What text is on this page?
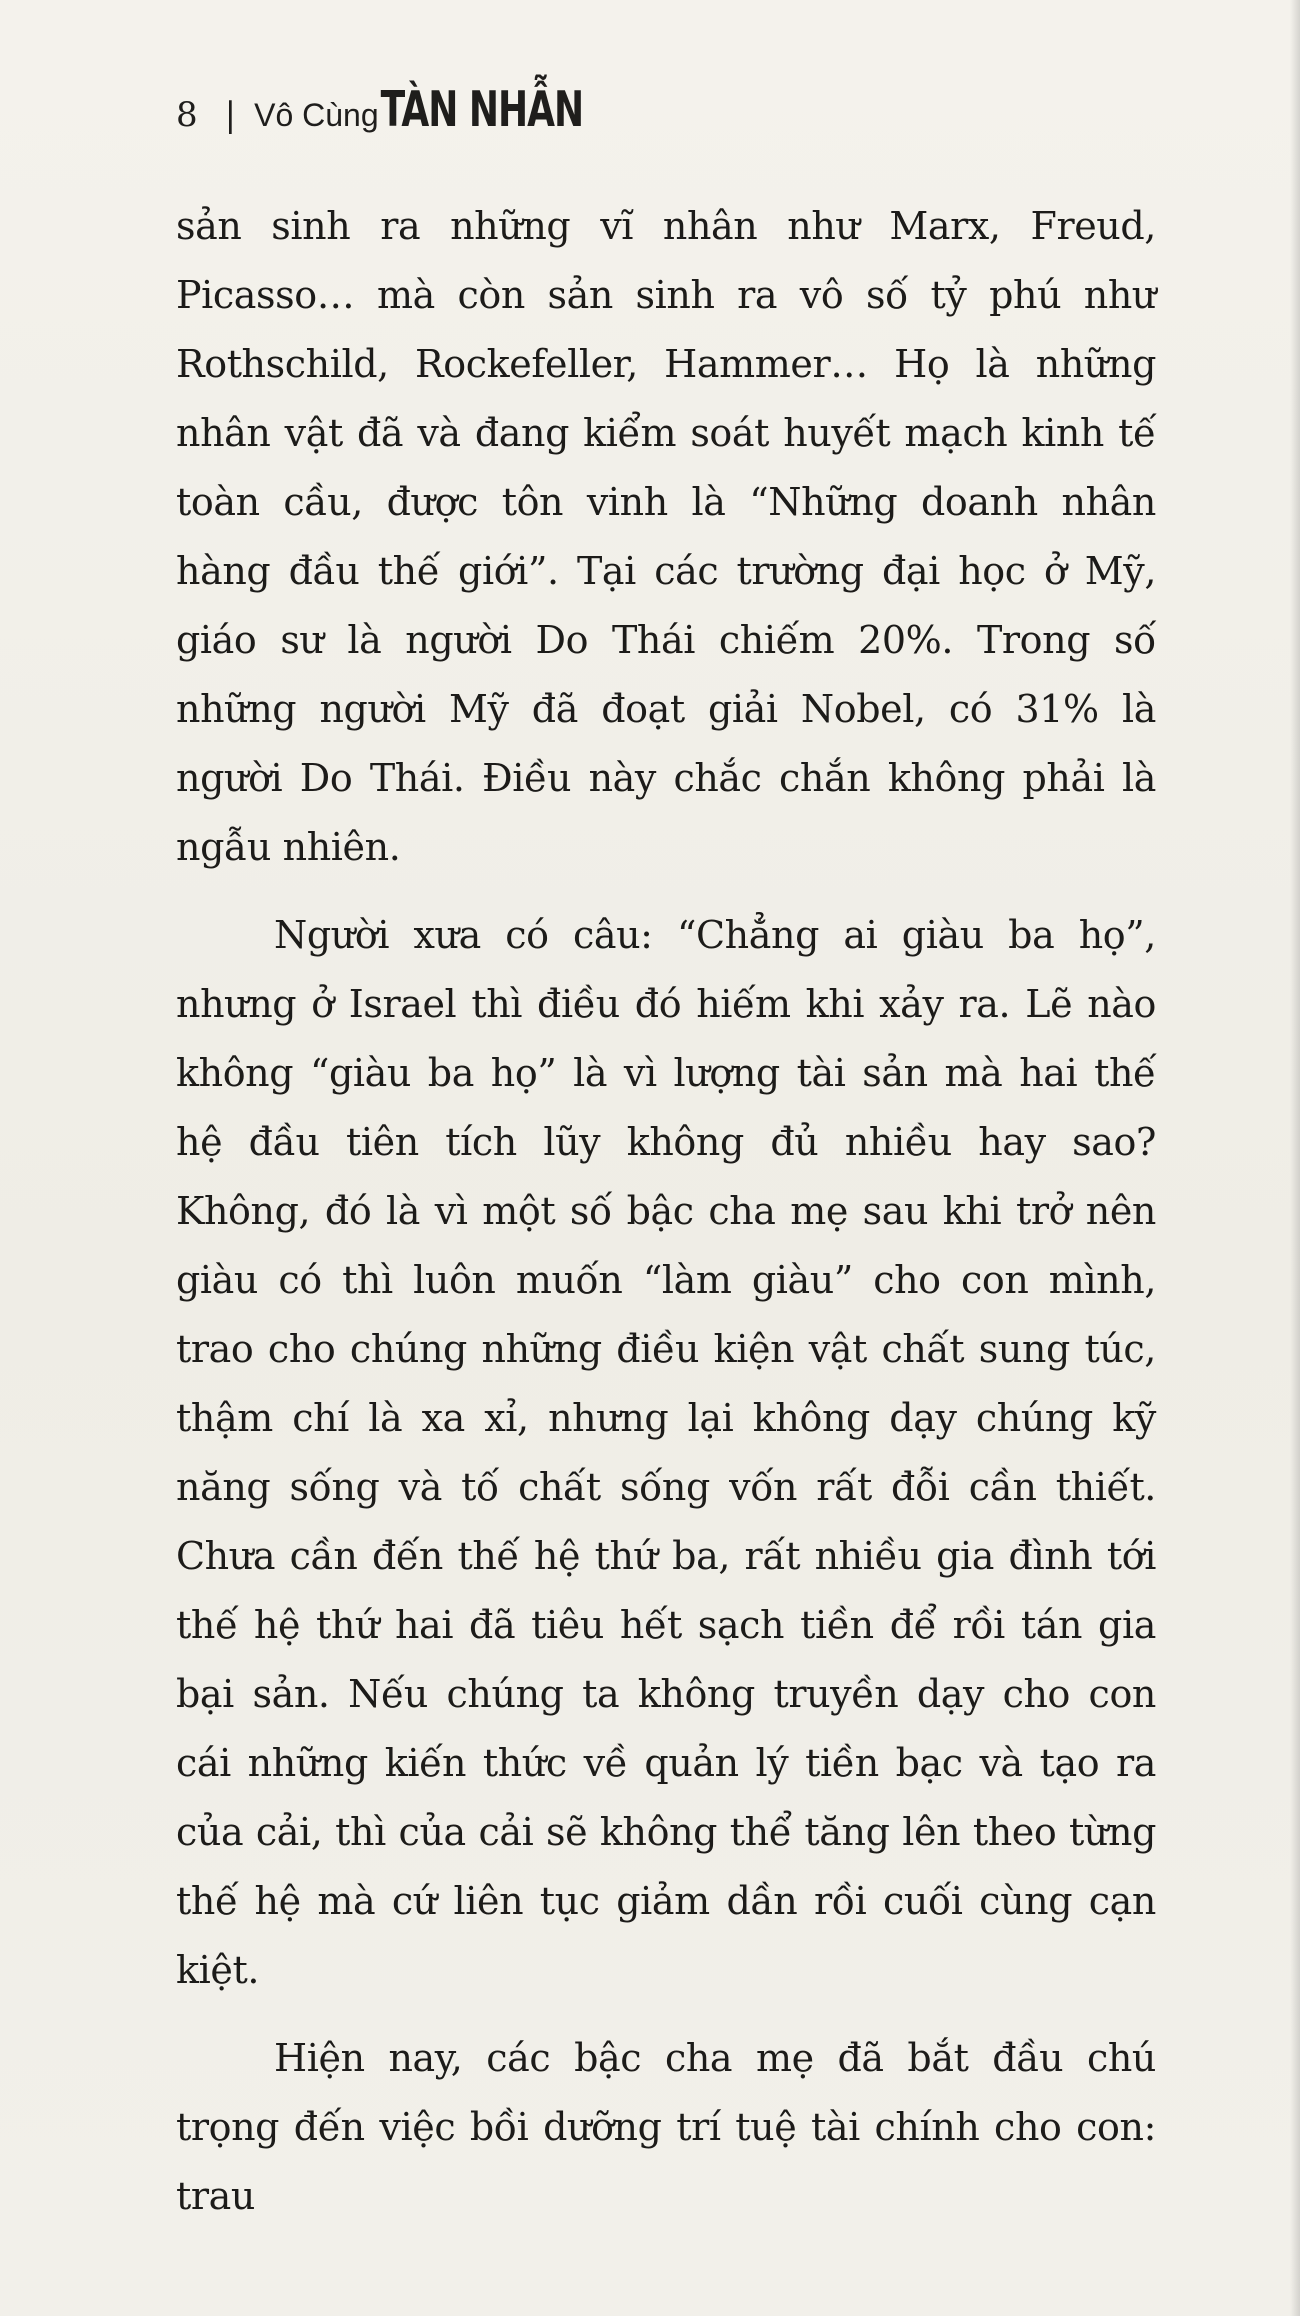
8 | Vô Cùng TÀN NHẪN

sản sinh ra những vĩ nhân như Marx, Freud, Picasso… mà còn sản sinh ra vô số tỷ phú như Rothschild, Rockefeller, Hammer… Họ là những nhân vật đã và đang kiểm soát huyết mạch kinh tế toàn cầu, được tôn vinh là “Những doanh nhân hàng đầu thế giới”. Tại các trường đại học ở Mỹ, giáo sư là người Do Thái chiếm 20%. Trong số những người Mỹ đã đoạt giải Nobel, có 31% là người Do Thái. Điều này chắc chắn không phải là ngẫu nhiên.

Người xưa có câu: “Chẳng ai giàu ba họ”, nhưng ở Israel thì điều đó hiếm khi xảy ra. Lẽ nào không “giàu ba họ” là vì lượng tài sản mà hai thế hệ đầu tiên tích lũy không đủ nhiều hay sao? Không, đó là vì một số bậc cha mẹ sau khi trở nên giàu có thì luôn muốn “làm giàu” cho con mình, trao cho chúng những điều kiện vật chất sung túc, thậm chí là xa xỉ, nhưng lại không dạy chúng kỹ năng sống và tố chất sống vốn rất đỗi cần thiết. Chưa cần đến thế hệ thứ ba, rất nhiều gia đình tới thế hệ thứ hai đã tiêu hết sạch tiền để rồi tán gia bại sản. Nếu chúng ta không truyền dạy cho con cái những kiến thức về quản lý tiền bạc và tạo ra của cải, thì của cải sẽ không thể tăng lên theo từng thế hệ mà cứ liên tục giảm dần rồi cuối cùng cạn kiệt.

Hiện nay, các bậc cha mẹ đã bắt đầu chú trọng đến việc bồi dưỡng trí tuệ tài chính cho con: trau
